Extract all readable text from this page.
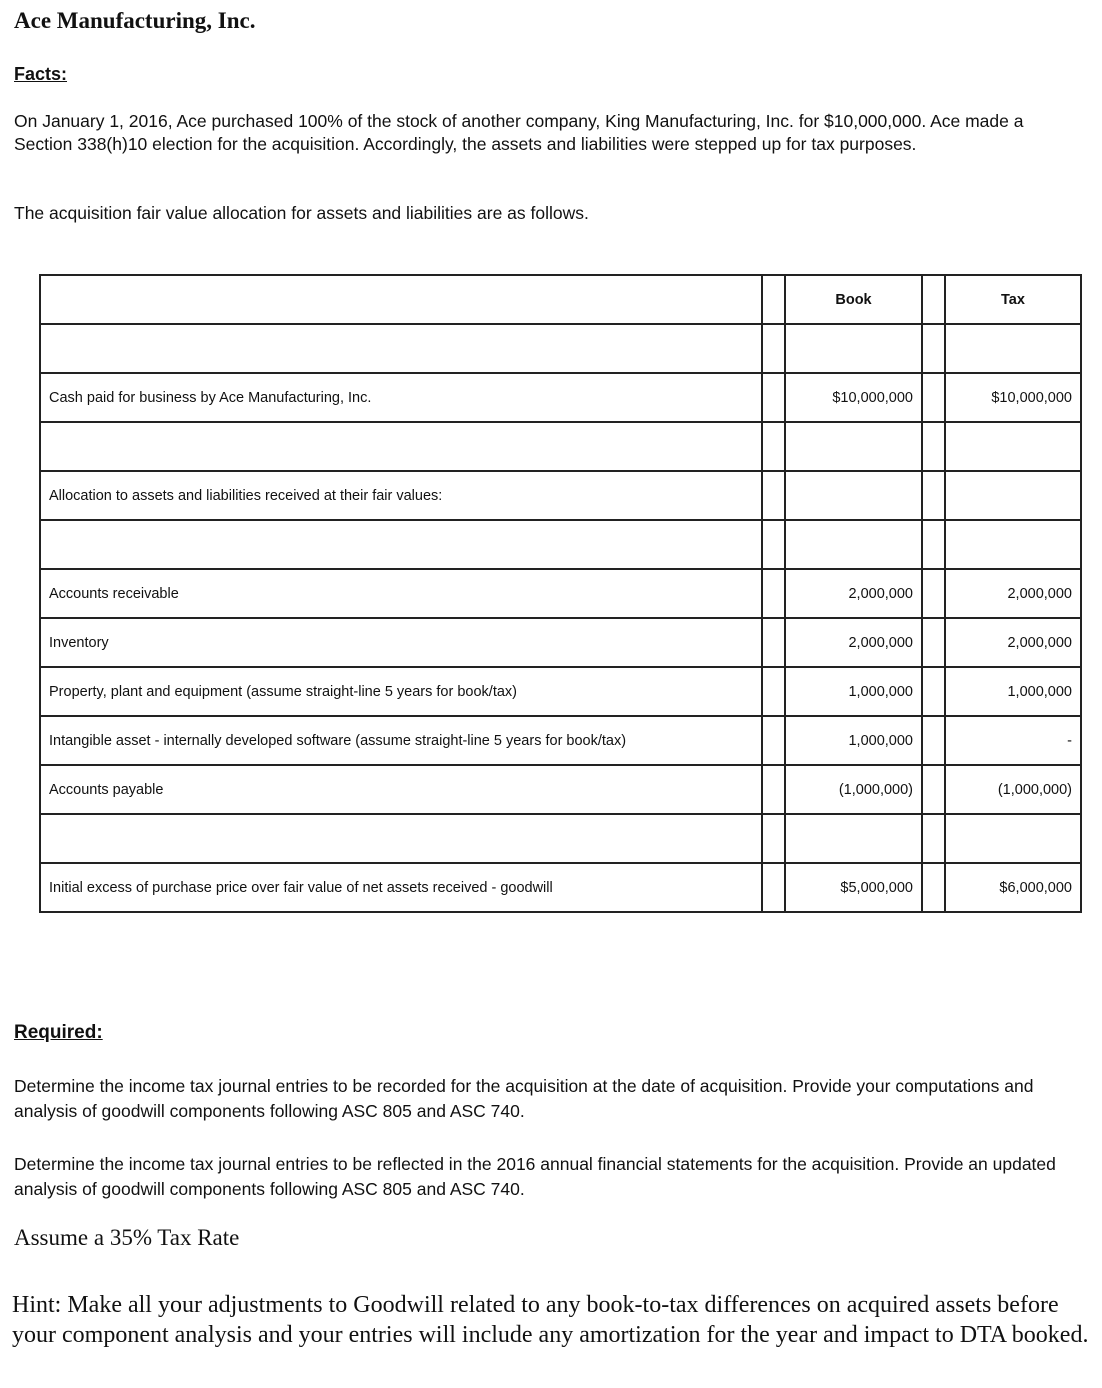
Ace Manufacturing, Inc.
Facts:
On January 1, 2016, Ace purchased 100% of the stock of another company, King Manufacturing, Inc. for $10,000,000. Ace made a Section 338(h)10 election for the acquisition. Accordingly, the assets and liabilities were stepped up for tax purposes.
The acquisition fair value allocation for assets and liabilities are as follows.
		Book		Tax

Cash paid for business by Ace Manufacturing, Inc.		$10,000,000		$10,000,000

Allocation to assets and liabilities received at their fair values:				

Accounts receivable		2,000,000		2,000,000
Inventory		2,000,000		2,000,000
Property, plant and equipment (assume straight-line 5 years for book/tax)		1,000,000		1,000,000
Intangible asset - internally developed software (assume straight-line 5 years for book/tax)		1,000,000		-
Accounts payable		(1,000,000)		(1,000,000)

Initial excess of purchase price over fair value of net assets received - goodwill		$5,000,000		$6,000,000
Required:
Determine the income tax journal entries to be recorded for the acquisition at the date of acquisition. Provide your computations and analysis of goodwill components following ASC 805 and ASC 740.
Determine the income tax journal entries to be reflected in the 2016 annual financial statements for the acquisition. Provide an updated analysis of goodwill components following ASC 805 and ASC 740.
Assume a 35% Tax Rate
Hint: Make all your adjustments to Goodwill related to any book-to-tax differences on acquired assets before your component analysis and your entries will include any amortization for the year and impact to DTA booked.
